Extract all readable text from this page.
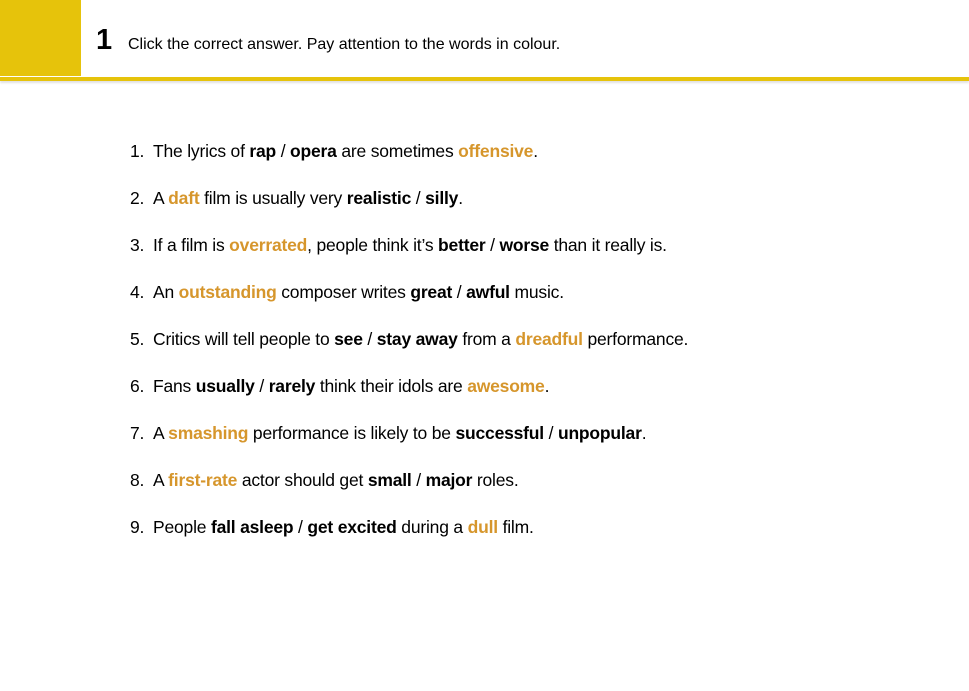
1 Click the correct answer. Pay attention to the words in colour.
1. The lyrics of rap / opera are sometimes offensive.
2. A daft film is usually very realistic / silly.
3. If a film is overrated, people think it’s better / worse than it really is.
4. An outstanding composer writes great / awful music.
5. Critics will tell people to see / stay away from a dreadful performance.
6. Fans usually / rarely think their idols are awesome.
7. A smashing performance is likely to be successful / unpopular.
8. A first-rate actor should get small / major roles.
9. People fall asleep / get excited during a dull film.
